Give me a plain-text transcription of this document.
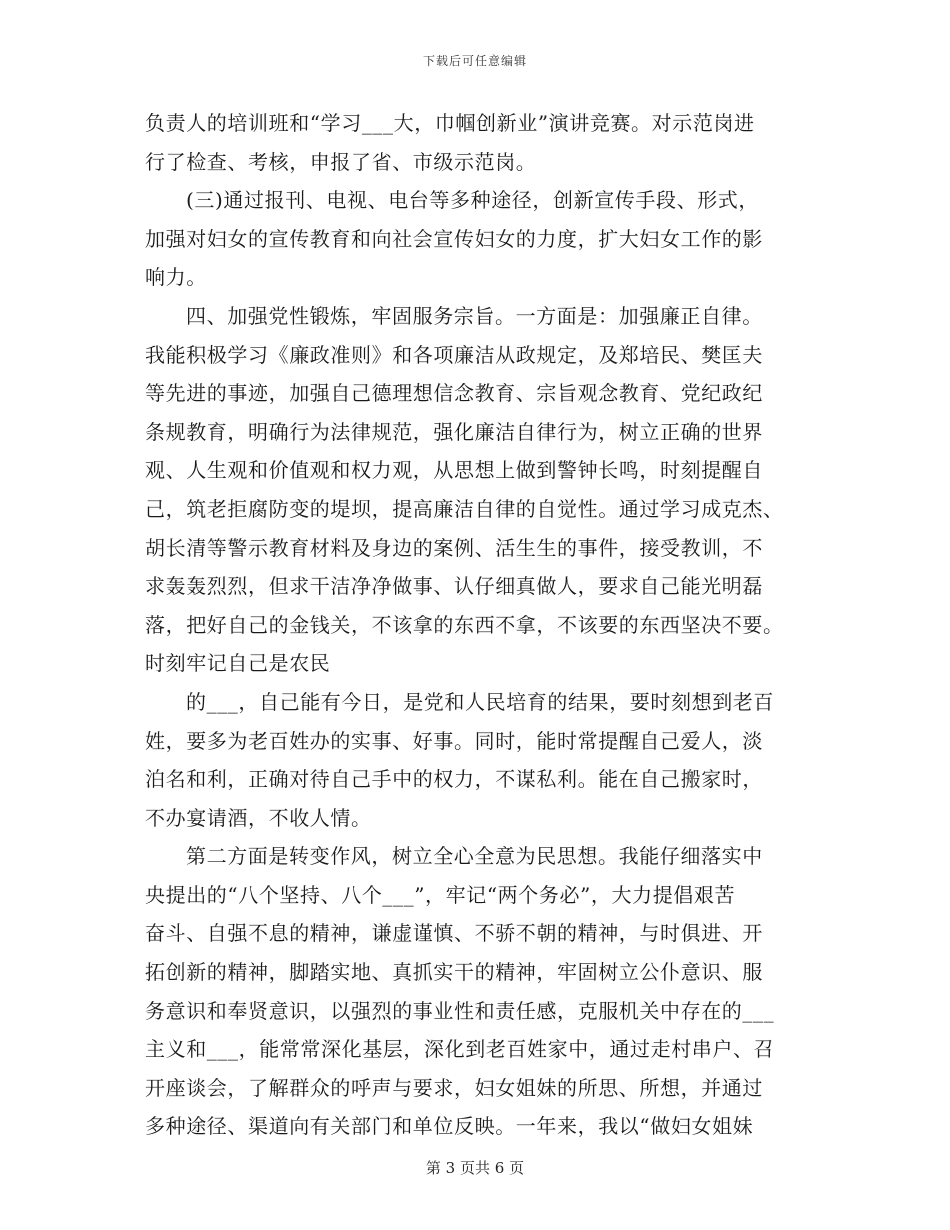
下载后可任意编辑
负责人的培训班和“学习___大，巾帼创新业”演讲竞赛。对示范岗进
行了检查、考核，申报了省、市级示范岗。
(三)通过报刊、电视、电台等多种途径，创新宣传手段、形式，
加强对妇女的宣传教育和向社会宣传妇女的力度，扩大妇女工作的影
响力。
四、加强党性锻炼，牢固服务宗旨。一方面是：加强廉正自律。
我能积极学习《廉政准则》和各项廉洁从政规定，及郑培民、樊匡夫
等先进的事迹，加强自己德理想信念教育、宗旨观念教育、党纪政纪
条规教育，明确行为法律规范，强化廉洁自律行为，树立正确的世界
观、人生观和价值观和权力观，从思想上做到警钟长鸣，时刻提醒自
己，筑老拒腐防变的堤坝，提高廉洁自律的自觉性。通过学习成克杰、
胡长清等警示教育材料及身边的案例、活生生的事件，接受教训，不
求轰轰烈烈，但求干洁净净做事、认仔细真做人，要求自己能光明磊
落，把好自己的金钱关，不该拿的东西不拿，不该要的东西坚决不要。
时刻牢记自己是农民
的___，自己能有今日，是党和人民培育的结果，要时刻想到老百
姓，要多为老百姓办的实事、好事。同时，能时常提醒自己爱人，淡
泊名和利，正确对待自己手中的权力，不谋私利。能在自己搬家时，
不办宴请酒，不收人情。
第二方面是转变作风，树立全心全意为民思想。我能仔细落实中
央提出的“八个坚持、八个___”，牢记“两个务必”，大力提倡艰苦
奋斗、自强不息的精神，谦虚谨慎、不骄不朝的精神，与时俱进、开
拓创新的精神，脚踏实地、真抓实干的精神，牢固树立公仆意识、服
务意识和奉贤意识，以强烈的事业性和责任感，克服机关中存在的___
主义和___，能常常深化基层，深化到老百姓家中，通过走村串户、召
开座谈会，了解群众的呼声与要求，妇女姐妹的所思、所想，并通过
多种途径、渠道向有关部门和单位反映。一年来，我以“做妇女姐妹
第 3 页共 6 页
